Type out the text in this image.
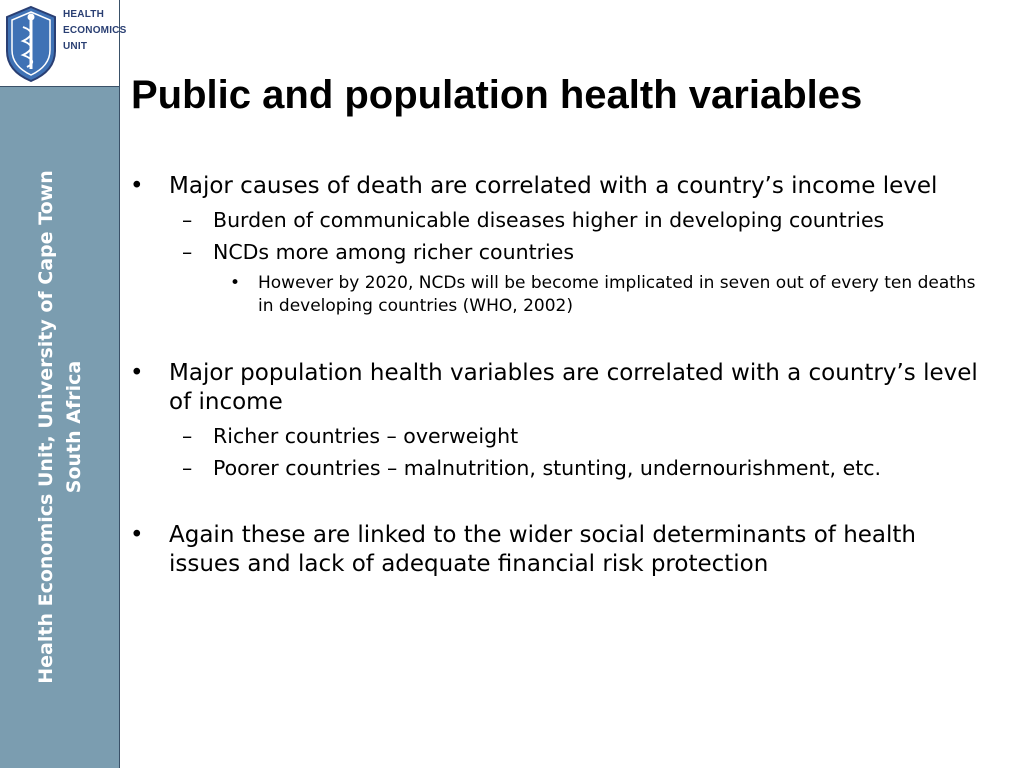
HEALTH
ECONOMICS
UNIT
Health Economics Unit, University of Cape Town South Africa
Public and population health variables

• Major causes of death are correlated with a country’s income level

– Burden of communicable diseases higher in developing countries

– NCDs more among richer countries

• However by 2020, NCDs will be become implicated in seven out of every ten deaths in developing countries (WHO, 2002)

• Major population health variables are correlated with a country’s level of income

– Richer countries – overweight

– Poorer countries – malnutrition, stunting, undernourishment, etc.

• Again these are linked to the wider social determinants of health issues and lack of adequate financial risk protection
